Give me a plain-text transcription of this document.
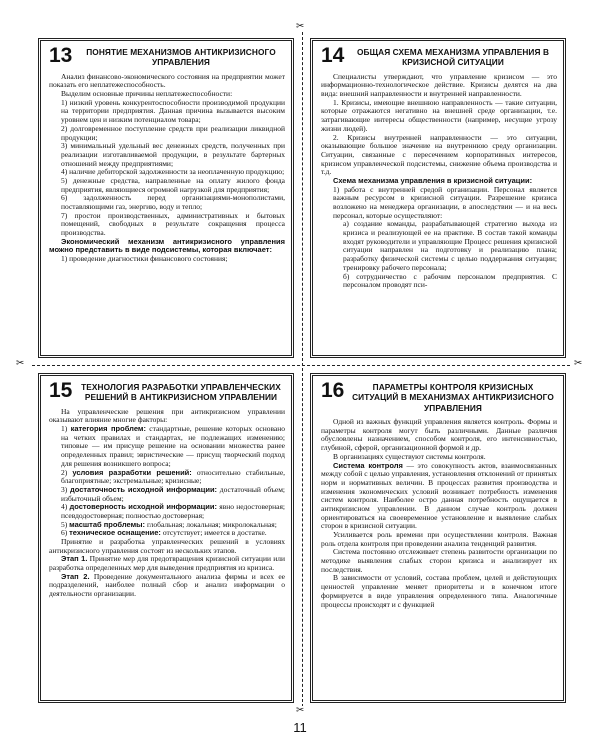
13	ПОНЯТИЕ МЕХАНИЗМОВ АНТИКРИЗИСНОГО УПРАВЛЕНИЯ

Анализ финансово-экономического состояния на предприятии может показать его неплатежеспособность.

Выделим основные причины неплатежеспособности:

1) низкий уровень конкурентоспособности производимой продукции на территории предприятия. Данная причина вызывается высоким уровнем цен и низким потенциалом товара;

2) долговременное поступление средств при реализации ликвидной продукции;

3) минимальный удельный вес денежных средств, полученных при реализации изготавливаемой продукции, в результате бартерных отношений между предприятиями;

4) наличие дебиторской задолженности за неоплаченную продукцию;

5) денежные средства, направленные на оплату жилого фонда предприятия, являющиеся огромной нагрузкой для предприятия;

6) задолженность перед организациями-монополистами, поставляющими газ, энергию, воду и тепло;

7) простои производственных, административных и бытовых помещений, свободных в результате сокращения процесса производства.

Экономический механизм антикризисного управления можно представить в виде подсистемы, которая включает:

1) проведение диагностики финансового состояния;

14	ОБЩАЯ СХЕМА МЕХАНИЗМА УПРАВЛЕНИЯ В КРИЗИСНОЙ СИТУАЦИИ

Специалисты утверждают, что управление кризисом — это информационно-технологическое действие. Кризисы делятся на два вида: внешний направленности и внутренней направленности.

1. Кризисы, имеющие внешнюю направленность — такие ситуации, которые отражаются негативно на внешней среде организации, т.е. затрагивающие интересы общественности (например, несущие угрозу жизни людей).

2. Кризисы внутренней направленности — это ситуации, оказывающие большое значение на внутреннюю среду организации. Ситуации, связанные с пересечением корпоративных интересов, кризисом управленческой подсистемы, снижение объема производства и т.д.

Схема механизма управления в кризисной ситуации:

1) работа с внутренней средой организации. Персонал является важным ресурсом в кризисной ситуации. Разрешение кризиса возложено на менеджера организации, в апоследствии — и на весь персонал, которые осуществляют:

а) создание команды, разрабатывающей стратегию выхода из кризиса и реализующей ее на практике. В состав такой команды входят руководители и управляющие Процесс решения кризисной ситуации направлен на подготовку и реализацию плана; разработку физической системы с целью поддержания ситуации; тренировку рабочего персонала;

б) сотрудничество с рабочим персоналом предприятия. С персоналом проводят пси-

15	ТЕХНОЛОГИЯ РАЗРАБОТКИ УПРАВЛЕНЧЕСКИХ РЕШЕНИЙ В АНТИКРИЗИСНОМ УПРАВЛЕНИИ

На управленческие решения при антикризисном управлении оказывают влияние многие факторы:

1) категория проблем: стандартные, решение которых основано на четких правилах и стандартах, не подлежащих изменению; типовые — им присуще решение на основании множества ранее определенных правил; эвристические — присущ творческий подход для решения возникшего вопроса;

2) условия разработки решений: относительно стабильные, благоприятные; экстремальные; кризисные;

3) достаточность исходной информации: достаточный объем; избыточный объем;

4) достоверность исходной информации: явно недостоверная; псевдодостоверная; полностью достоверная;

5) масштаб проблемы: глобальная; локальная; микролокальная;

6) техническое оснащение: отсутствует; имеется в достатке.

Принятие и разработка управленческих решений в условиях антикризисного управления состоят из нескольких этапов.

Этап 1. Принятие мер для предотвращения кризисной ситуации или разработка определенных мер для выведения предприятия из кризиса.

Этап 2. Проведение документального анализа фирмы и всех ее подразделений, наиболее полный сбор и анализ информации о деятельности организации.

16	ПАРАМЕТРЫ КОНТРОЛЯ КРИЗИСНЫХ СИТУАЦИЙ В МЕХАНИЗМАХ АНТИКРИЗИСНОГО УПРАВЛЕНИЯ

Одной из важных функций управления является контроль. Формы и параметры контроля могут быть различными. Данные различия обусловлены назначением, способом контроля, его интенсивностью, глубиной, сферой, организационной формой и др.

В организациях существуют системы контроля.

Система контроля — это совокупность актов, взаимосвязанных между собой с целью управления, установления отклонений от принятых норм и нормативных величин. В процессах развития производства и изменения экономических условий возникает потребность изменения систем контроля. Наиболее остро данная потребность ощущается в антикризисном управлении. В данном случае контроль должен ориентироваться на своевременное установление и выявление слабых сторон в кризисной ситуации.

Усиливается роль времени при осуществлении контроля. Важная роль отдела контроля при проведении анализа тенденций развития.

Система постоянно отслеживает степень развитости организации по методике выявления слабых сторон кризиса и анализирует их последствия.

В зависимости от условий, состава проблем, целей и действующих ценностей управление меняет приоритеты и в конечном итоге формируется в виде управления определенного типа. Аналогичные процессы происходят и с функцией

✂
✂	✂
✂
11
